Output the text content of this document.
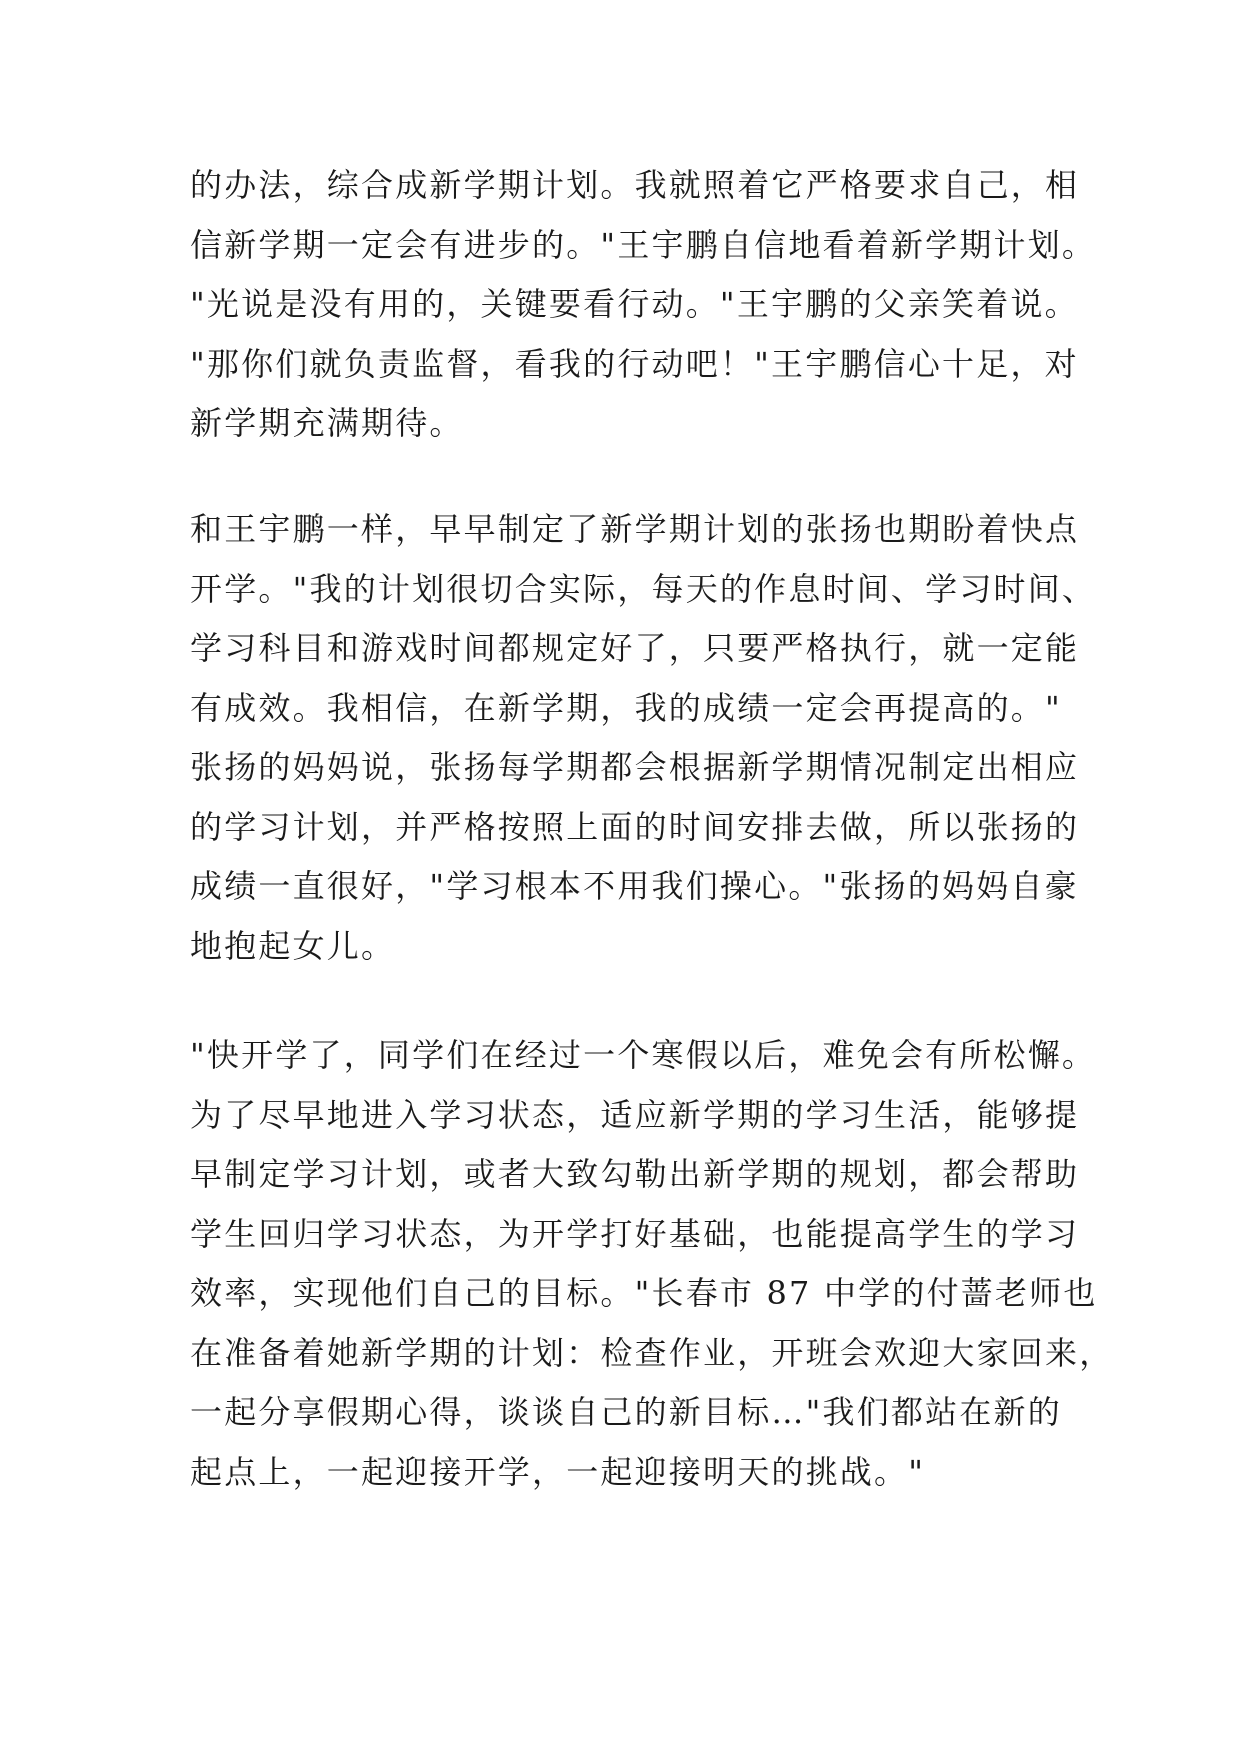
的办法，综合成新学期计划。我就照着它严格要求自己，相
信新学期一定会有进步的。"王宇鹏自信地看着新学期计划。
"光说是没有用的，关键要看行动。"王宇鹏的父亲笑着说。
"那你们就负责监督，看我的行动吧！"王宇鹏信心十足，对
新学期充满期待。
和王宇鹏一样，早早制定了新学期计划的张扬也期盼着快点
开学。"我的计划很切合实际，每天的作息时间、学习时间、
学习科目和游戏时间都规定好了，只要严格执行，就一定能
有成效。我相信，在新学期，我的成绩一定会再提高的。"
张扬的妈妈说，张扬每学期都会根据新学期情况制定出相应
的学习计划，并严格按照上面的时间安排去做，所以张扬的
成绩一直很好，"学习根本不用我们操心。"张扬的妈妈自豪
地抱起女儿。
"快开学了，同学们在经过一个寒假以后，难免会有所松懈。
为了尽早地进入学习状态，适应新学期的学习生活，能够提
早制定学习计划，或者大致勾勒出新学期的规划，都会帮助
学生回归学习状态，为开学打好基础，也能提高学生的学习
效率，实现他们自己的目标。"长春市 87 中学的付蔷老师也
在准备着她新学期的计划：检查作业，开班会欢迎大家回来，
一起分享假期心得，谈谈自己的新目标…"我们都站在新的
起点上，一起迎接开学，一起迎接明天的挑战。"
